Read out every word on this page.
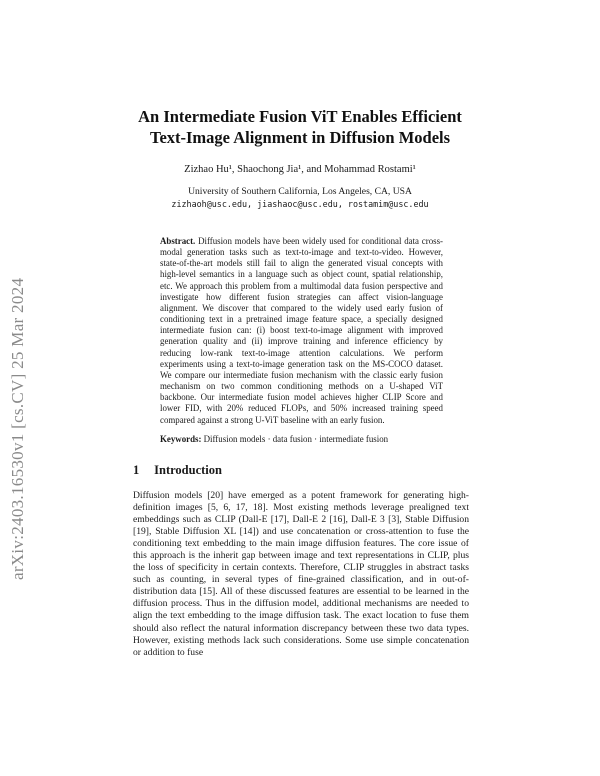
arXiv:2403.16530v1 [cs.CV] 25 Mar 2024
An Intermediate Fusion ViT Enables Efficient
Text-Image Alignment in Diffusion Models
Zizhao Hu¹, Shaochong Jia¹, and Mohammad Rostami¹
University of Southern California, Los Angeles, CA, USA
zizhaoh@usc.edu, jiashaoc@usc.edu, rostamim@usc.edu

Abstract. Diffusion models have been widely used for conditional data cross-modal generation tasks such as text-to-image and text-to-video. However, state-of-the-art models still fail to align the generated visual concepts with high-level semantics in a language such as object count, spatial relationship, etc. We approach this problem from a multimodal data fusion perspective and investigate how different fusion strategies can affect vision-language alignment. We discover that compared to the widely used early fusion of conditioning text in a pretrained image feature space, a specially designed intermediate fusion can: (i) boost text-to-image alignment with improved generation quality and (ii) improve training and inference efficiency by reducing low-rank text-to-image attention calculations. We perform experiments using a text-to-image generation task on the MS-COCO dataset. We compare our intermediate fusion mechanism with the classic early fusion mechanism on two common conditioning methods on a U-shaped ViT backbone. Our intermediate fusion model achieves higher CLIP Score and lower FID, with 20% reduced FLOPs, and 50% increased training speed compared against a strong U-ViT baseline with an early fusion.

Keywords: Diffusion models · data fusion · intermediate fusion
1 Introduction

Diffusion models [20] have emerged as a potent framework for generating high-definition images [5, 6, 17, 18]. Most existing methods leverage prealigned text embeddings such as CLIP (Dall-E [17], Dall-E 2 [16], Dall-E 3 [3], Stable Diffusion [19], Stable Diffusion XL [14]) and use concatenation or cross-attention to fuse the conditioning text embedding to the main image diffusion features. The core issue of this approach is the inherit gap between image and text representations in CLIP, plus the loss of specificity in certain contexts. Therefore, CLIP struggles in abstract tasks such as counting, in several types of fine-grained classification, and in out-of-distribution data [15]. All of these discussed features are essential to be learned in the diffusion process. Thus in the diffusion model, additional mechanisms are needed to align the text embedding to the image diffusion task. The exact location to fuse them should also reflect the natural information discrepancy between these two data types. However, existing methods lack such considerations. Some use simple concatenation or addition to fuse
